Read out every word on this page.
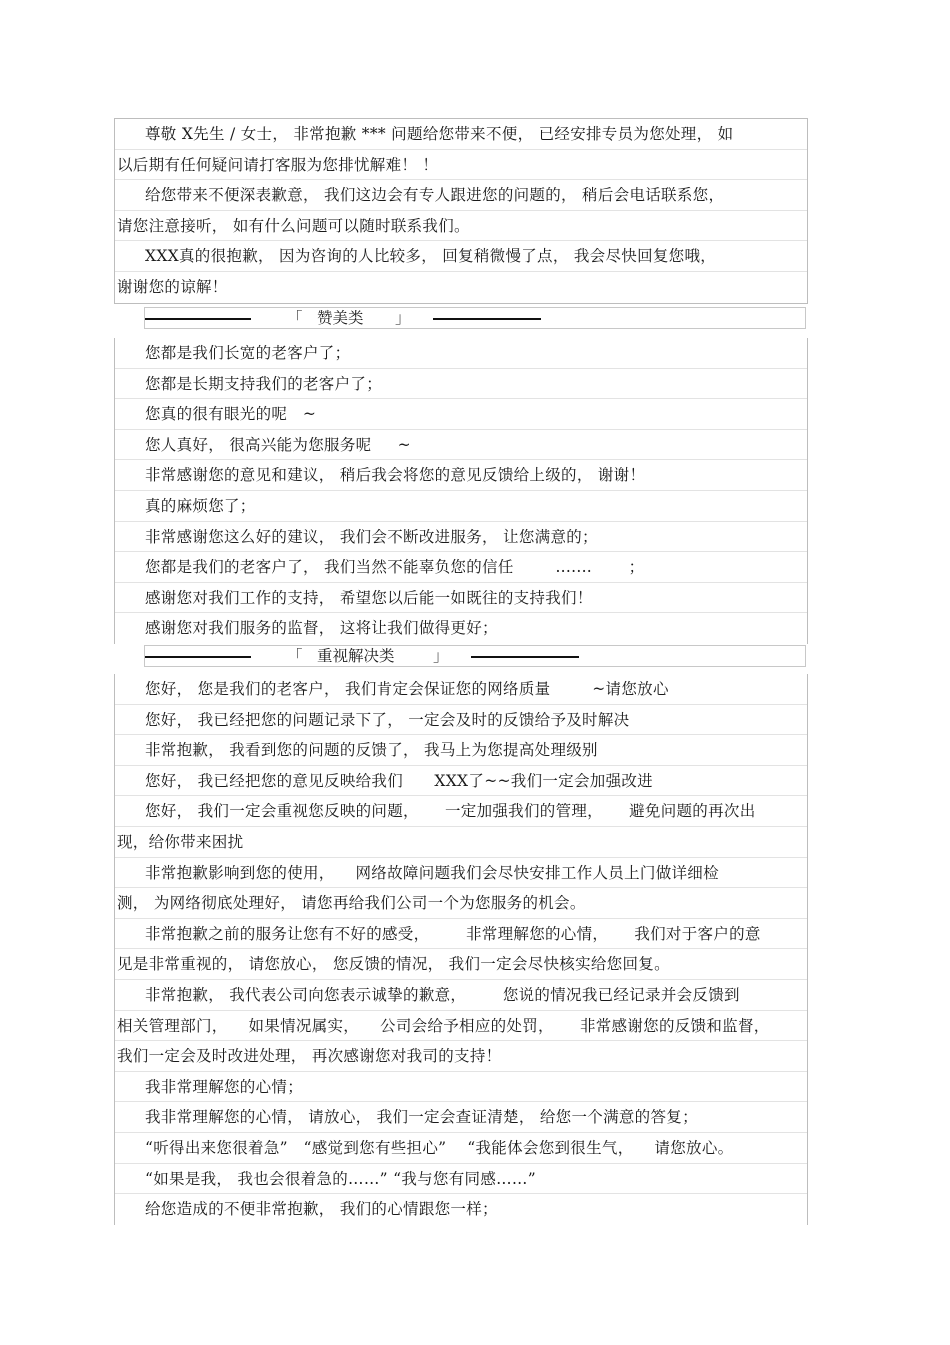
尊敬 X先生 / 女士， 非常抱歉 *** 问题给您带来不便， 已经安排专员为您处理， 如
以后期有任何疑问请打客服为您排忧解难！ ！
给您带来不便深表歉意， 我们这边会有专人跟进您的问题的， 稍后会电话联系您，
请您注意接听， 如有什么问题可以随时联系我们。
XXX真的很抱歉， 因为咨询的人比较多， 回复稍微慢了点， 我会尽快回复您哦，
谢谢您的谅解！
「 赞美类 」
您都是我们长宽的老客户了；
您都是长期支持我们的老客户了；
您真的很有眼光的呢   ~
您人真好， 很高兴能为您服务呢     ~
非常感谢您的意见和建议， 稍后我会将您的意见反馈给上级的， 谢谢！
真的麻烦您了；
非常感谢您这么好的建议， 我们会不断改进服务， 让您满意的；
您都是我们的老客户了， 我们当然不能辜负您的信任        .......       ；
感谢您对我们工作的支持， 希望您以后能一如既往的支持我们！
感谢您对我们服务的监督， 这将让我们做得更好；
「 重视解决类 」
您好， 您是我们的老客户， 我们肯定会保证您的网络质量        ~请您放心
您好， 我已经把您的问题记录下了， 一定会及时的反馈给予及时解决
非常抱歉， 我看到您的问题的反馈了， 我马上为您提高处理级别
您好， 我已经把您的意见反映给我们      XXX了~~我们一定会加强改进
您好， 我们一定会重视您反映的问题，     一定加强我们的管理，     避免问题的再次出
现，给你带来困扰
非常抱歉影响到您的使用，    网络故障问题我们会尽快安排工作人员上门做详细检
测， 为网络彻底处理好， 请您再给我们公司一个为您服务的机会。
非常抱歉之前的服务让您有不好的感受，       非常理解您的心情，     我们对于客户的意
见是非常重视的， 请您放心， 您反馈的情况， 我们一定会尽快核实给您回复。
非常抱歉， 我代表公司向您表示诚挚的歉意，       您说的情况我已经记录并会反馈到
相关管理部门，    如果情况属实，    公司会给予相应的处罚，     非常感谢您的反馈和监督，
我们一定会及时改进处理， 再次感谢您对我司的支持！
我非常理解您的心情；
我非常理解您的心情， 请放心， 我们一定会查证清楚， 给您一个满意的答复；
“听得出来您很着急”   “感觉到您有些担心”    “我能体会您到很生气，    请您放心。
“如果是我， 我也会很着急的……” “我与您有同感……”
给您造成的不便非常抱歉， 我们的心情跟您一样；
